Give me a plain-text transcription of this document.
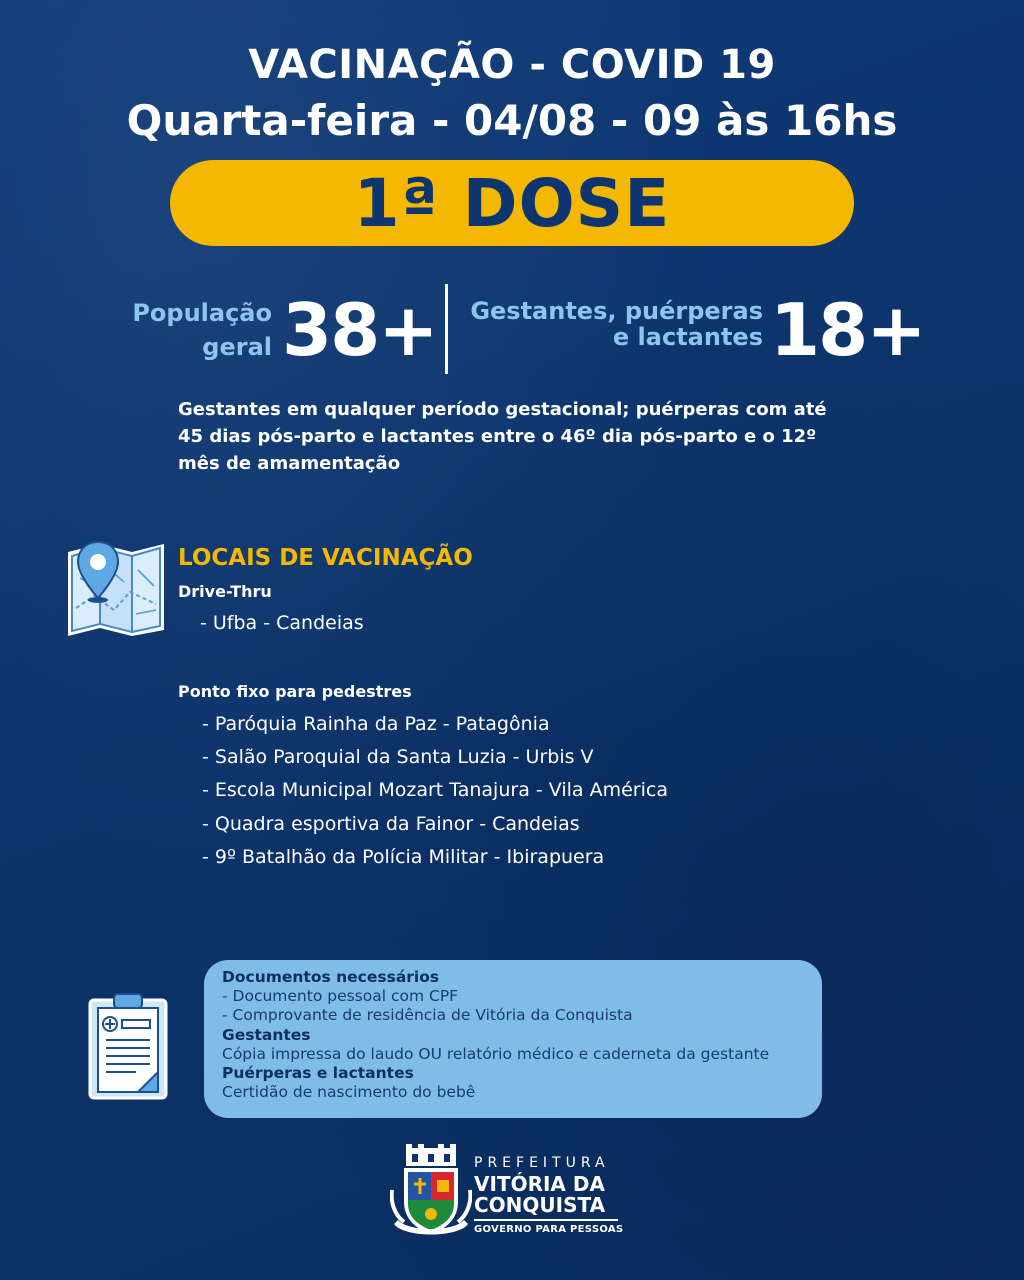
VACINAÇÃO - COVID 19
Quarta-feira - 04/08 - 09 às 16hs
1ª DOSE
População
geral 38+	Gestantes, puérperas
e lactantes 18+
Gestantes em qualquer período gestacional; puérperas com até
45 dias pós-parto e lactantes entre o 46º dia pós-parto e o 12º
mês de amamentação
LOCAIS DE VACINAÇÃO
Drive-Thru
- Ufba - Candeias
Ponto fixo para pedestres
- Paróquia Rainha da Paz - Patagônia
- Salão Paroquial da Santa Luzia - Urbis V
- Escola Municipal Mozart Tanajura - Vila América
- Quadra esportiva da Fainor - Candeias
- 9º Batalhão da Polícia Militar - Ibirapuera
Documentos necessários
- Documento pessoal com CPF
- Comprovante de residência de Vitória da Conquista
Gestantes
Cópia impressa do laudo OU relatório médico e caderneta da gestante
Puérperas e lactantes
Certidão de nascimento do bebê
PREFEITURA
VITÓRIA DA
CONQUISTA
GOVERNO PARA PESSOAS
